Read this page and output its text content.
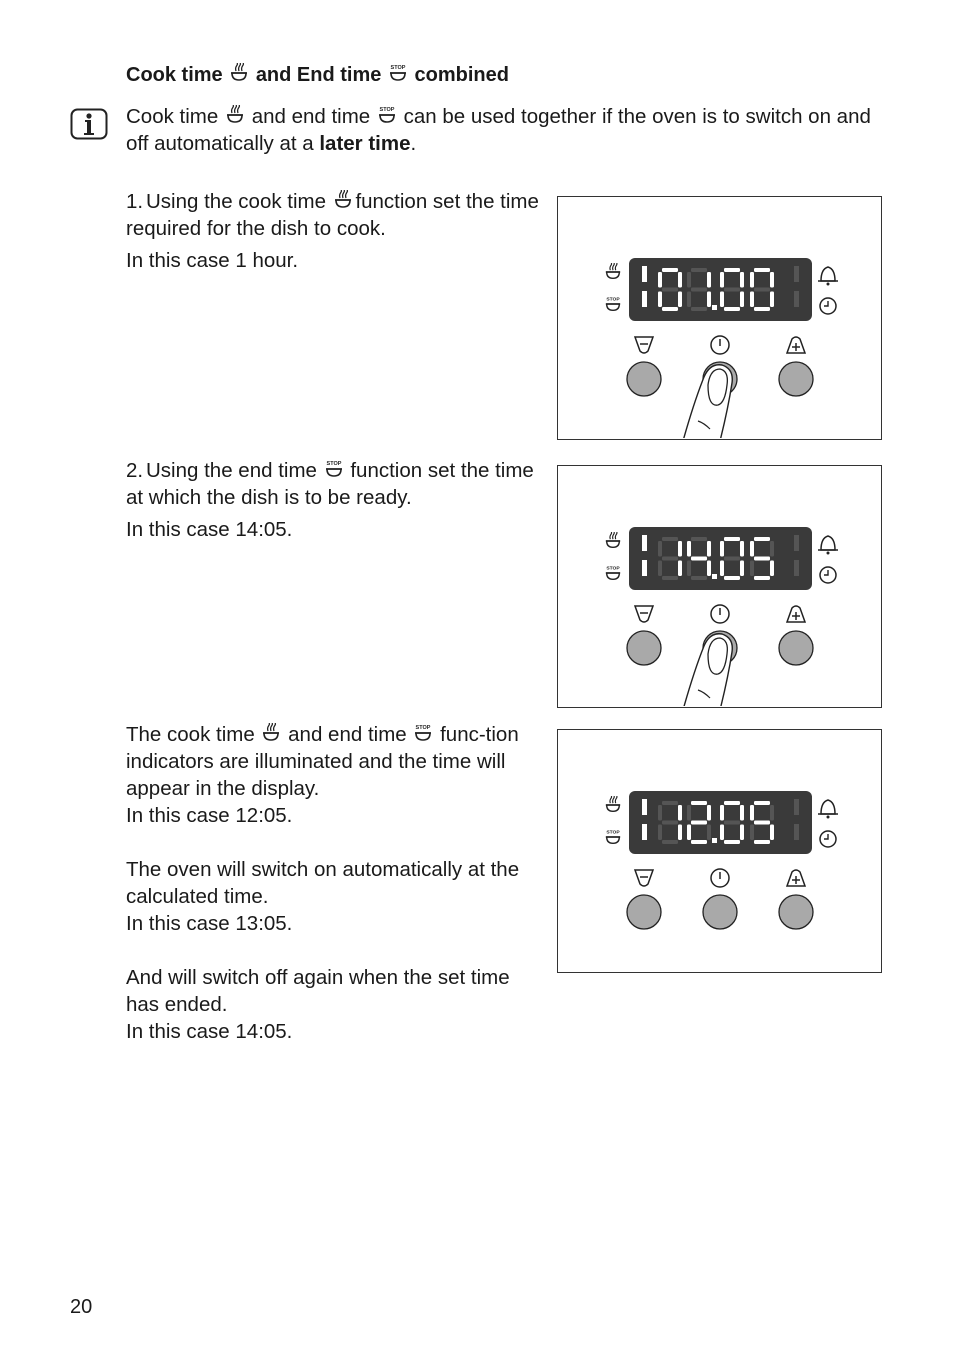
Cook time and End time combined
Cook time and end time can be used together if the oven is to switch on and off automatically at a later time.
1. Using the cook time function set the time required for the dish to cook.
In this case 1 hour.
2. Using the end time function set the time at which the dish is to be ready.
In this case 14:05.

The cook time and end time func-tion indicators are illuminated and the time will appear in the display.
In this case 12:05.

The oven will switch on automatically at the calculated time.
In this case 13:05.

And will switch off again when the set time has ended.
In this case 14:05.

20
